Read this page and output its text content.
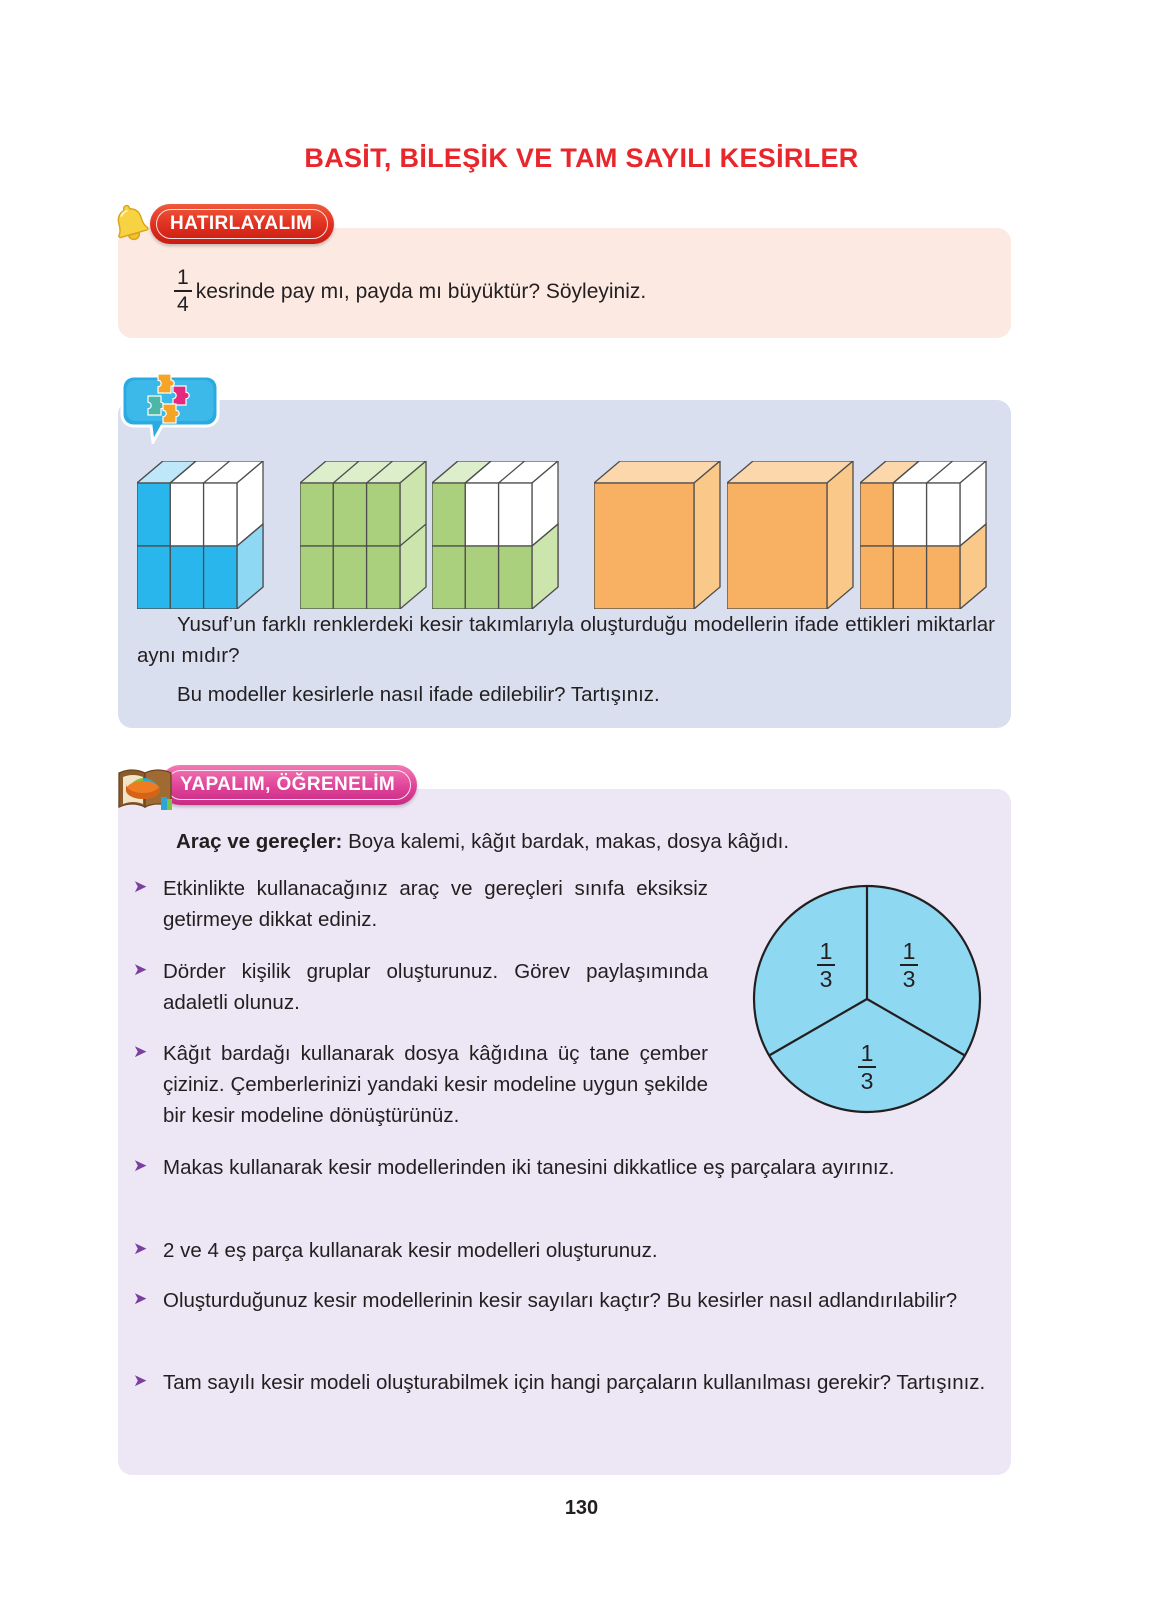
BASİT, BİLEŞİK VE TAM SAYILI KESİRLER
HATIRLAYALIM
$\frac{1}{4}$ kesrinde pay mı, payda mı büyüktür? Söyleyiniz.
Yusuf’un farklı renklerdeki kesir takımlarıyla oluşturduğu modellerin ifade ettikleri miktarlar aynı mıdır?
Bu modeller kesirlerle nasıl ifade edilebilir? Tartışınız.
YAPALIM, ÖĞRENELİM
Araç ve gereçler: Boya kalemi, kâğıt bardak, makas, dosya kâğıdı.
➤ Etkinlikte kullanacağınız araç ve gereçleri sınıfa eksiksiz getirmeye dikkat ediniz.
➤ Dörder kişilik gruplar oluşturunuz. Görev paylaşımında adaletli olunuz.
➤ Kâğıt bardağı kullanarak dosya kâğıdına üç tane çember çiziniz. Çemberlerinizi yandaki kesir modeline uygun şekilde bir kesir modeline dönüştürünüz.
➤ Makas kullanarak kesir modellerinden iki tanesini dikkatlice eş parçalara ayırınız.
➤ 2 ve 4 eş parça kullanarak kesir modelleri oluşturunuz.
➤ Oluşturduğunuz kesir modellerinin kesir sayıları kaçtır? Bu kesirler nasıl adlandırılabilir?
➤ Tam sayılı kesir modeli oluşturabilmek için hangi parçaların kullanılması gerekir? Tartışınız.
1
3
1
3
1
3
130
